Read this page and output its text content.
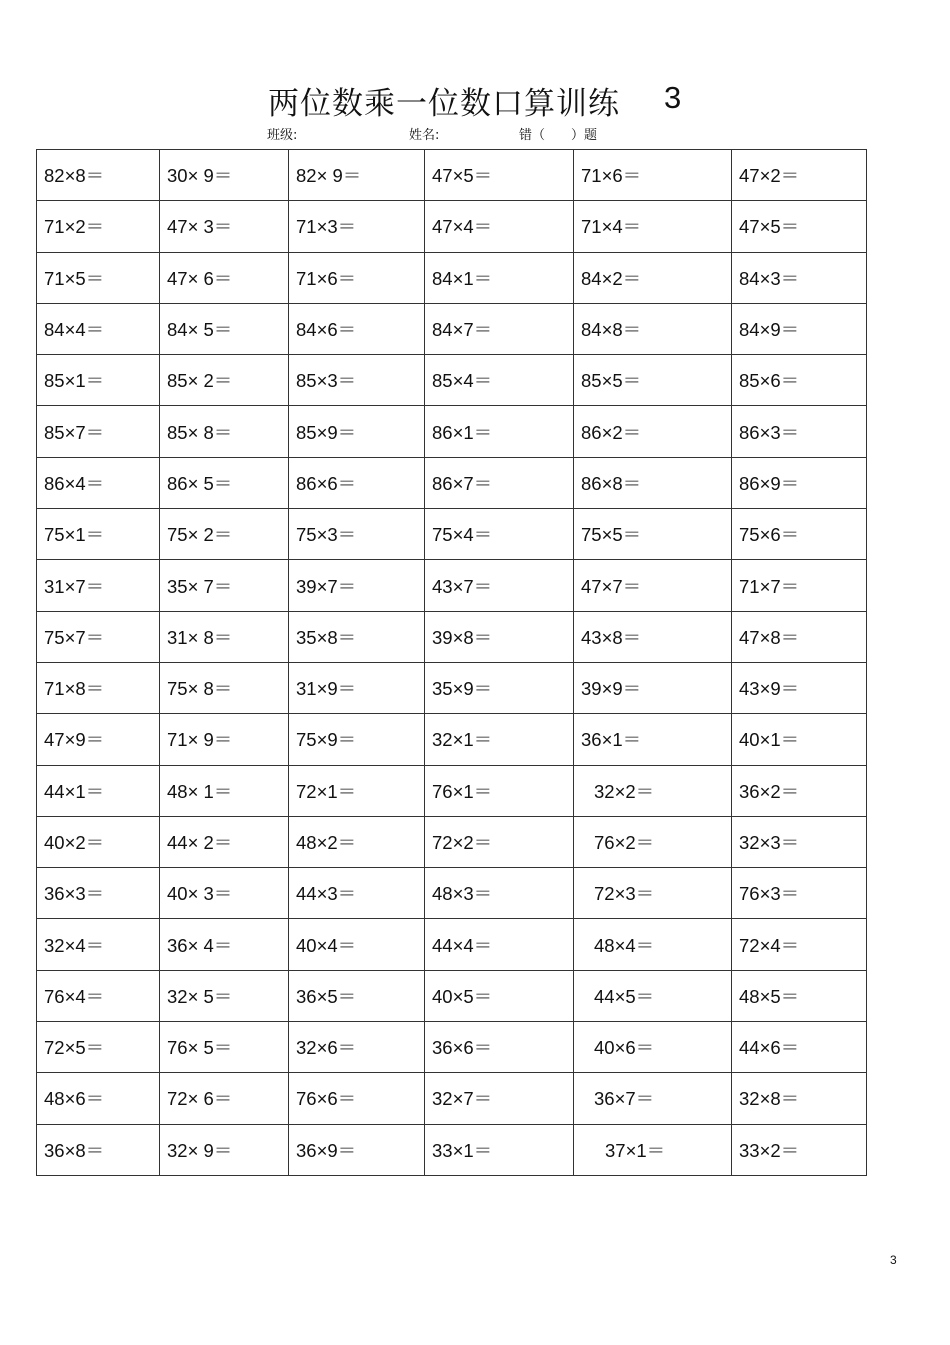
两位数乘一位数口算训练 3
班级:	姓名:	错（　　）题
82×8＝	30× 9＝	82× 9＝	47×5＝	71×6＝	47×2＝
71×2＝	47× 3＝	71×3＝	47×4＝	71×4＝	47×5＝
71×5＝	47× 6＝	71×6＝	84×1＝	84×2＝	84×3＝
84×4＝	84× 5＝	84×6＝	84×7＝	84×8＝	84×9＝
85×1＝	85× 2＝	85×3＝	85×4＝	85×5＝	85×6＝
85×7＝	85× 8＝	85×9＝	86×1＝	86×2＝	86×3＝
86×4＝	86× 5＝	86×6＝	86×7＝	86×8＝	86×9＝
75×1＝	75× 2＝	75×3＝	75×4＝	75×5＝	75×6＝
31×7＝	35× 7＝	39×7＝	43×7＝	47×7＝	71×7＝
75×7＝	31× 8＝	35×8＝	39×8＝	43×8＝	47×8＝
71×8＝	75× 8＝	31×9＝	35×9＝	39×9＝	43×9＝
47×9＝	71× 9＝	75×9＝	32×1＝	36×1＝	40×1＝
44×1＝	48× 1＝	72×1＝	76×1＝	32×2＝	36×2＝
40×2＝	44× 2＝	48×2＝	72×2＝	76×2＝	32×3＝
36×3＝	40× 3＝	44×3＝	48×3＝	72×3＝	76×3＝
32×4＝	36× 4＝	40×4＝	44×4＝	48×4＝	72×4＝
76×4＝	32× 5＝	36×5＝	40×5＝	44×5＝	48×5＝
72×5＝	76× 5＝	32×6＝	36×6＝	40×6＝	44×6＝
48×6＝	72× 6＝	76×6＝	32×7＝	36×7＝	32×8＝
36×8＝	32× 9＝	36×9＝	33×1＝	37×1＝	33×2＝
3
